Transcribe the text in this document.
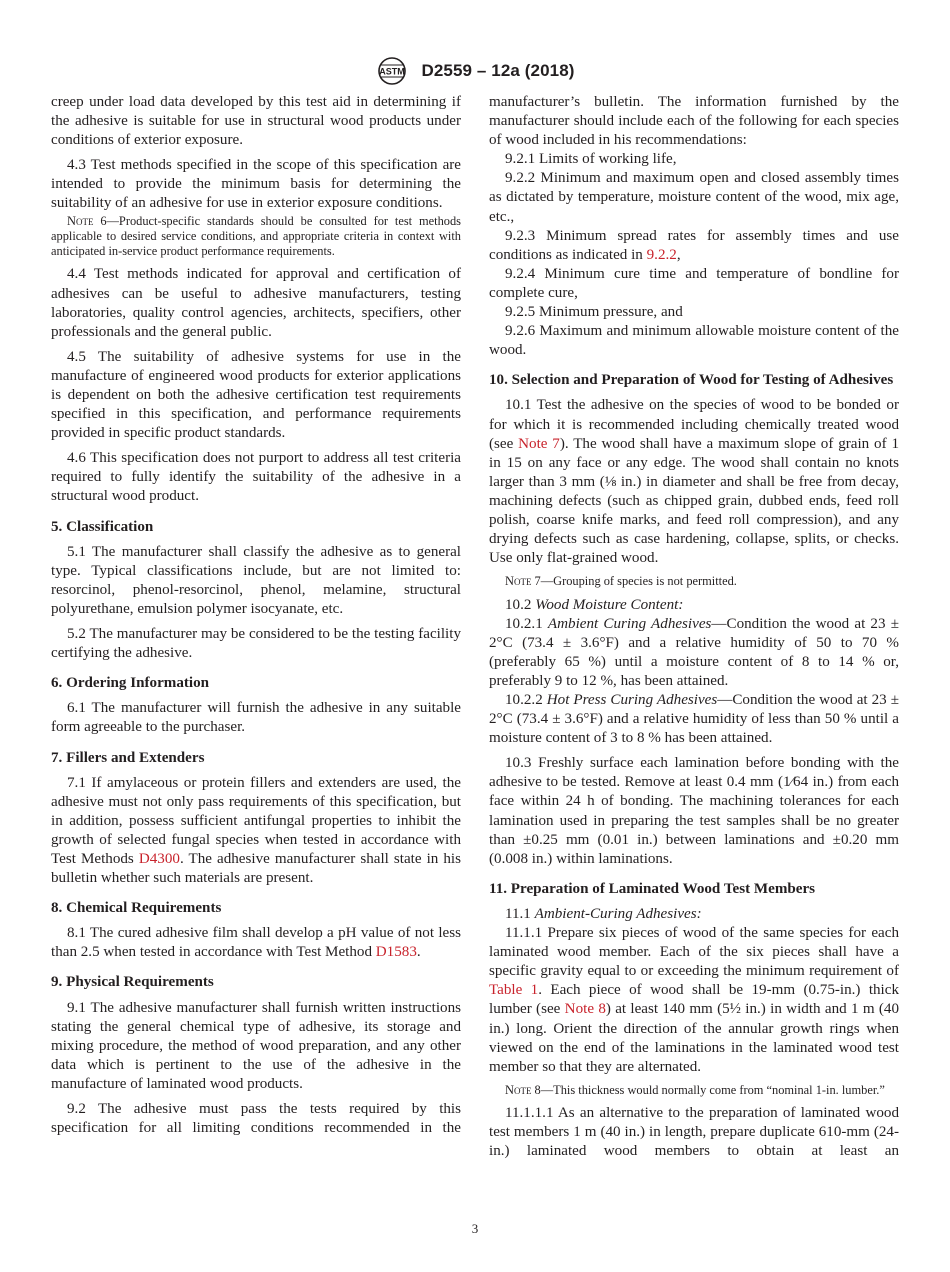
ASTM D2559 – 12a (2018)

creep under load data developed by this test aid in determining if the adhesive is suitable for use in structural wood products under conditions of exterior exposure.

4.3 Test methods specified in the scope of this specification are intended to provide the minimum basis for determining the suitability of an adhesive for use in exterior exposure conditions.

Note 6—Product-specific standards should be consulted for test methods applicable to desired service conditions, and appropriate criteria in context with anticipated in-service product performance requirements.

4.4 Test methods indicated for approval and certification of adhesives can be useful to adhesive manufacturers, testing laboratories, quality control agencies, architects, specifiers, other professionals and the general public.

4.5 The suitability of adhesive systems for use in the manufacture of engineered wood products for exterior applications is dependent on both the adhesive certification test requirements specified in this specification, and performance requirements provided in specific product standards.

4.6 This specification does not purport to address all test criteria required to fully identify the suitability of the adhesive in a structural wood product.

5. Classification

5.1 The manufacturer shall classify the adhesive as to general type. Typical classifications include, but are not limited to: resorcinol, phenol-resorcinol, phenol, melamine, structural polyurethane, emulsion polymer isocyanate, etc.

5.2 The manufacturer may be considered to be the testing facility certifying the adhesive.

6. Ordering Information

6.1 The manufacturer will furnish the adhesive in any suitable form agreeable to the purchaser.

7. Fillers and Extenders

7.1 If amylaceous or protein fillers and extenders are used, the adhesive must not only pass requirements of this specification, but in addition, possess sufficient antifungal properties to inhibit the growth of selected fungal species when tested in accordance with Test Methods D4300. The adhesive manufacturer shall state in his bulletin whether such materials are present.

8. Chemical Requirements

8.1 The cured adhesive film shall develop a pH value of not less than 2.5 when tested in accordance with Test Method D1583.

9. Physical Requirements

9.1 The adhesive manufacturer shall furnish written instructions stating the general chemical type of adhesive, its storage and mixing procedure, the method of wood preparation, and any other data which is pertinent to the use of the adhesive in the manufacture of laminated wood products.

9.2 The adhesive must pass the tests required by this specification for all limiting conditions recommended in the

manufacturer’s bulletin. The information furnished by the manufacturer should include each of the following for each species of wood included in his recommendations:

9.2.1 Limits of working life,

9.2.2 Minimum and maximum open and closed assembly times as dictated by temperature, moisture content of the wood, mix age, etc.,

9.2.3 Minimum spread rates for assembly times and use conditions as indicated in 9.2.2,

9.2.4 Minimum cure time and temperature of bondline for complete cure,

9.2.5 Minimum pressure, and

9.2.6 Maximum and minimum allowable moisture content of the wood.

10. Selection and Preparation of Wood for Testing of Adhesives

10.1 Test the adhesive on the species of wood to be bonded or for which it is recommended including chemically treated wood (see Note 7). The wood shall have a maximum slope of grain of 1 in 15 on any face or any edge. The wood shall contain no knots larger than 3 mm (⅛ in.) in diameter and shall be free from decay, machining defects (such as chipped grain, dubbed ends, feed roll polish, coarse knife marks, and feed roll compression), and any drying defects such as case hardening, collapse, splits, or checks. Use only flat-grained wood.

Note 7—Grouping of species is not permitted.

10.2 Wood Moisture Content:

10.2.1 Ambient Curing Adhesives—Condition the wood at 23 ± 2°C (73.4 ± 3.6°F) and a relative humidity of 50 to 70 % (preferably 65 %) until a moisture content of 8 to 14 % or, preferably 9 to 12 %, has been attained.

10.2.2 Hot Press Curing Adhesives—Condition the wood at 23 ± 2°C (73.4 ± 3.6°F) and a relative humidity of less than 50 % until a moisture content of 3 to 8 % has been attained.

10.3 Freshly surface each lamination before bonding with the adhesive to be tested. Remove at least 0.4 mm (1⁄64 in.) from each face within 24 h of bonding. The machining tolerances for each lamination used in preparing the test samples shall be no greater than ±0.25 mm (0.01 in.) between laminations and ±0.20 mm (0.008 in.) within laminations.

11. Preparation of Laminated Wood Test Members

11.1 Ambient-Curing Adhesives:

11.1.1 Prepare six pieces of wood of the same species for each laminated wood member. Each of the six pieces shall have a specific gravity equal to or exceeding the minimum requirement of Table 1. Each piece of wood shall be 19-mm (0.75-in.) thick lumber (see Note 8) at least 140 mm (5½ in.) in width and 1 m (40 in.) long. Orient the direction of the annular growth rings when viewed on the end of the laminations in the laminated wood test member so that they are alternated.

Note 8—This thickness would normally come from “nominal 1-in. lumber.”

11.1.1.1 As an alternative to the preparation of laminated wood test members 1 m (40 in.) in length, prepare duplicate 610-mm (24-in.) laminated wood members to obtain at least an

3
